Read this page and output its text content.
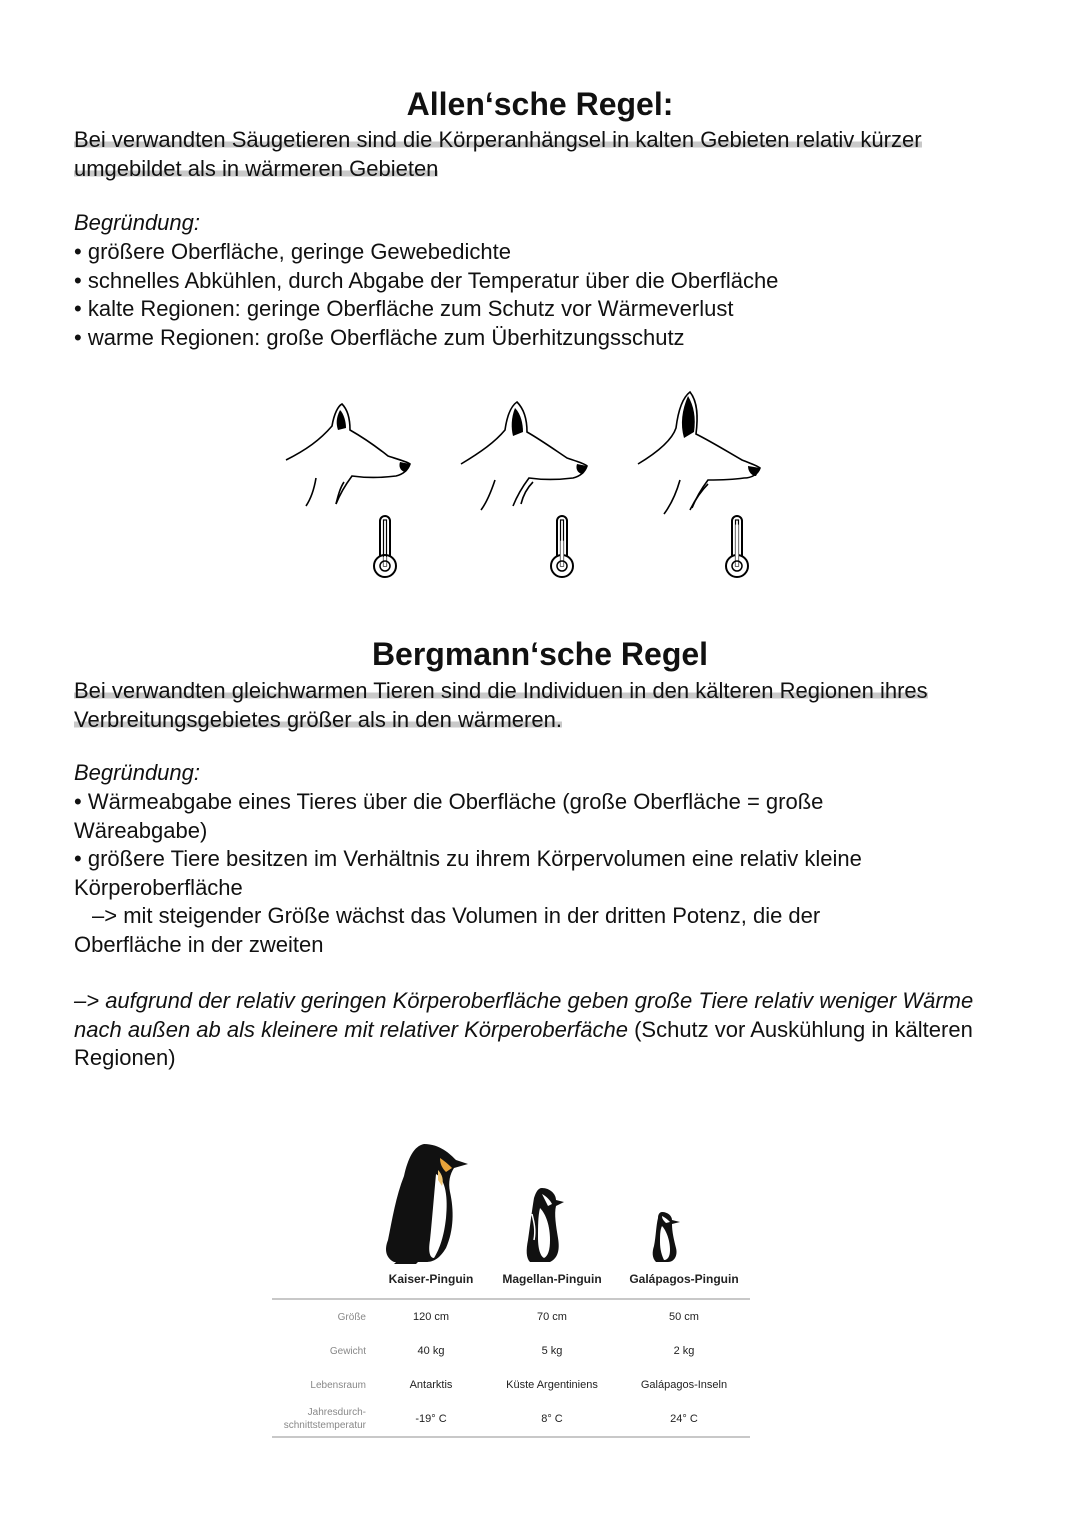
Allen‘sche Regel:

Bei verwandten Säugetieren sind die Körperanhängsel in kalten Gebieten relativ kürzer umgebildet als in wärmeren Gebieten

Begründung:

• größere Oberfläche, geringe Gewebedichte
• schnelles Abkühlen, durch Abgabe der Temperatur über die Oberfläche
• kalte Regionen: geringe Oberfläche zum Schutz vor Wärmeverlust
• warme Regionen: große Oberfläche zum Überhitzungsschutz
Bergmann‘sche Regel

Bei verwandten gleichwarmen Tieren sind die Individuen in den kälteren Regionen ihres Verbreitungsgebietes größer als in den wärmeren.

Begründung:

• Wärmeabgabe eines Tieres über die Oberfläche (große Oberfläche = große Wäreabgabe)
• größere Tiere besitzen im Verhältnis zu ihrem Körpervolumen eine relativ kleine Körperoberfläche

–> mit steigender Größe wächst das Volumen in der dritten Potenz, die der Oberfläche in der zweiten

–> aufgrund der relativ geringen Körperoberfläche geben große Tiere relativ weniger Wärme nach außen ab als kleinere mit relativer Körperoberfäche (Schutz vor Auskühlung in kälteren Regionen)

	Kaiser-Pinguin	Magellan-Pinguin	Galápagos-Pinguin
Größe	120 cm	70 cm	50 cm
Gewicht	40 kg	5 kg	2 kg
Lebensraum	Antarktis	Küste Argentiniens	Galápagos-Inseln
Jahresdurch-
schnittstemperatur	-19° C	8° C	24° C
